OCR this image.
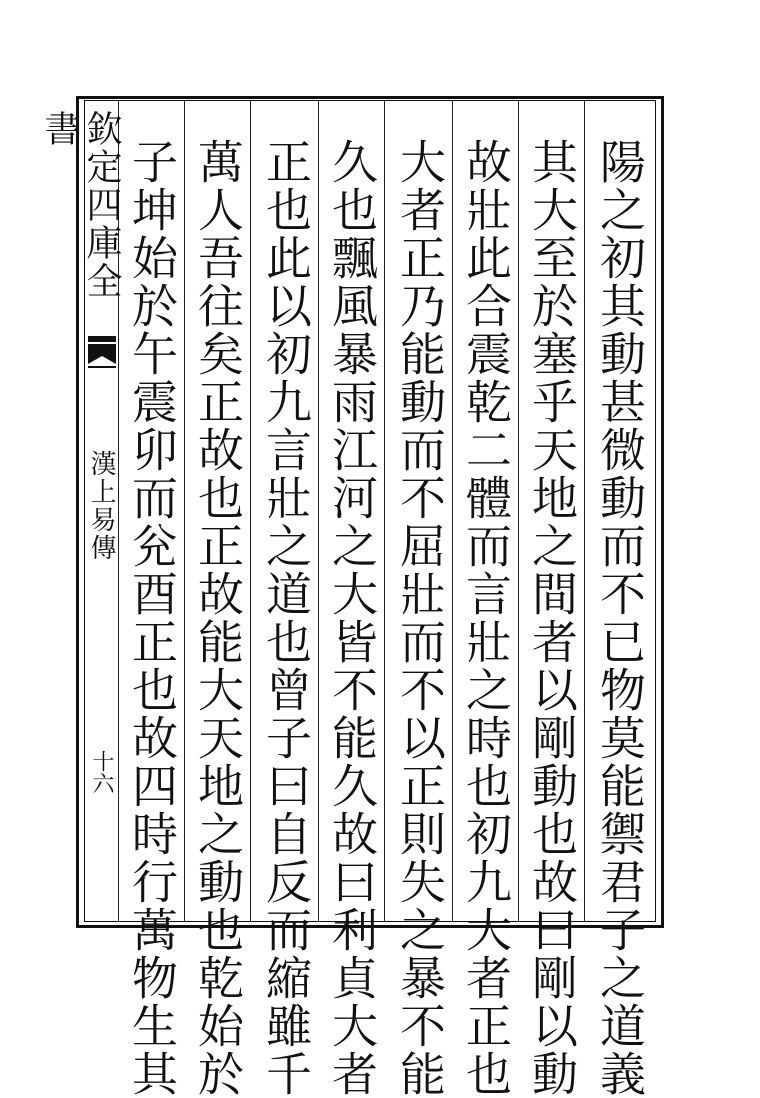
欽定四庫全書
漢上易傳
十六	陽之初其動甚微動而不已物莫能禦君子之道義
其大至於塞乎天地之間者以剛動也故曰剛以動
故壯此合震乾二體而言壯之時也初九大者正也
大者正乃能動而不屈壯而不以正則失之暴不能
久也飄風暴雨江河之大皆不能久故曰利貞大者
正也此以初九言壯之道也曾子曰自反而縮雖千
萬人吾往矣正故也正故能大天地之動也乾始於
子坤始於午震卯而兊酉正也故四時行萬物生其
